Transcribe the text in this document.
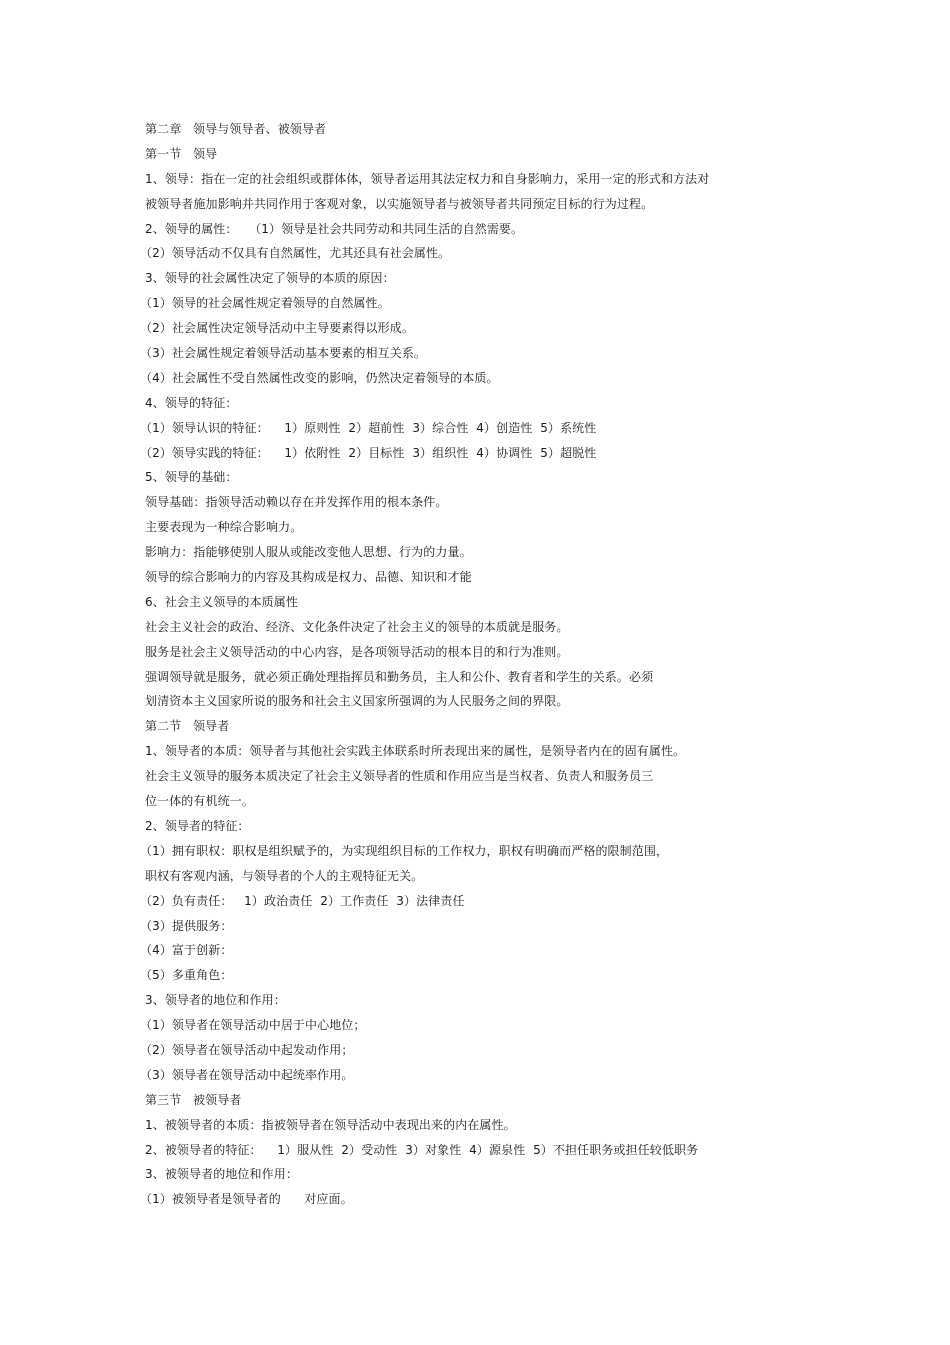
第二章   领导与领导者、被领导者

第一节   领导

1、领导：指在一定的社会组织或群体体，领导者运用其法定权力和自身影响力，采用一定的形式和方法对

被领导者施加影响并共同作用于客观对象，以实施领导者与被领导者共同预定目标的行为过程。

2、领导的属性：   （1）领导是社会共同劳动和共同生活的自然需要。

（2）领导活动不仅具有自然属性，尤其还具有社会属性。

3、领导的社会属性决定了领导的本质的原因：

（1）领导的社会属性规定着领导的自然属性。

（2）社会属性决定领导活动中主导要素得以形成。

（3）社会属性规定着领导活动基本要素的相互关系。

（4）社会属性不受自然属性改变的影响，仍然决定着领导的本质。

4、领导的特征：

（1）领导认识的特征：    1）原则性  2）超前性  3）综合性  4）创造性  5）系统性

（2）领导实践的特征：    1）依附性  2）目标性  3）组织性  4）协调性  5）超脱性

5、领导的基础：

领导基础：指领导活动赖以存在并发挥作用的根本条件。

主要表现为一种综合影响力。

影响力：指能够使别人服从或能改变他人思想、行为的力量。

领导的综合影响力的内容及其构成是权力、品德、知识和才能

6、社会主义领导的本质属性

社会主义社会的政治、经济、文化条件决定了社会主义的领导的本质就是服务。

服务是社会主义领导活动的中心内容，是各项领导活动的根本目的和行为准则。

强调领导就是服务，就必须正确处理指挥员和勤务员，主人和公仆、教育者和学生的关系。必须

划清资本主义国家所说的服务和社会主义国家所强调的为人民服务之间的界限。

第二节   领导者

1、领导者的本质：领导者与其他社会实践主体联系时所表现出来的属性，是领导者内在的固有属性。

社会主义领导的服务本质决定了社会主义领导者的性质和作用应当是当权者、负责人和服务员三

位一体的有机统一。

2、领导者的特征：

（1）拥有职权：职权是组织赋予的，为实现组织目标的工作权力，职权有明确而严格的限制范围，

职权有客观内涵，与领导者的个人的主观特征无关。

（2）负有责任：   1）政治责任  2）工作责任  3）法律责任

（3）提供服务：

（4）富于创新：

（5）多重角色：

3、领导者的地位和作用：

（1）领导者在领导活动中居于中心地位；

（2）领导者在领导活动中起发动作用；

（3）领导者在领导活动中起统率作用。

第三节   被领导者

1、被领导者的本质：指被领导者在领导活动中表现出来的内在属性。

2、被领导者的特征：    1）服从性  2）受动性  3）对象性  4）源泉性  5）不担任职务或担任较低职务

3、被领导者的地位和作用：

（1）被领导者是领导者的      对应面。
